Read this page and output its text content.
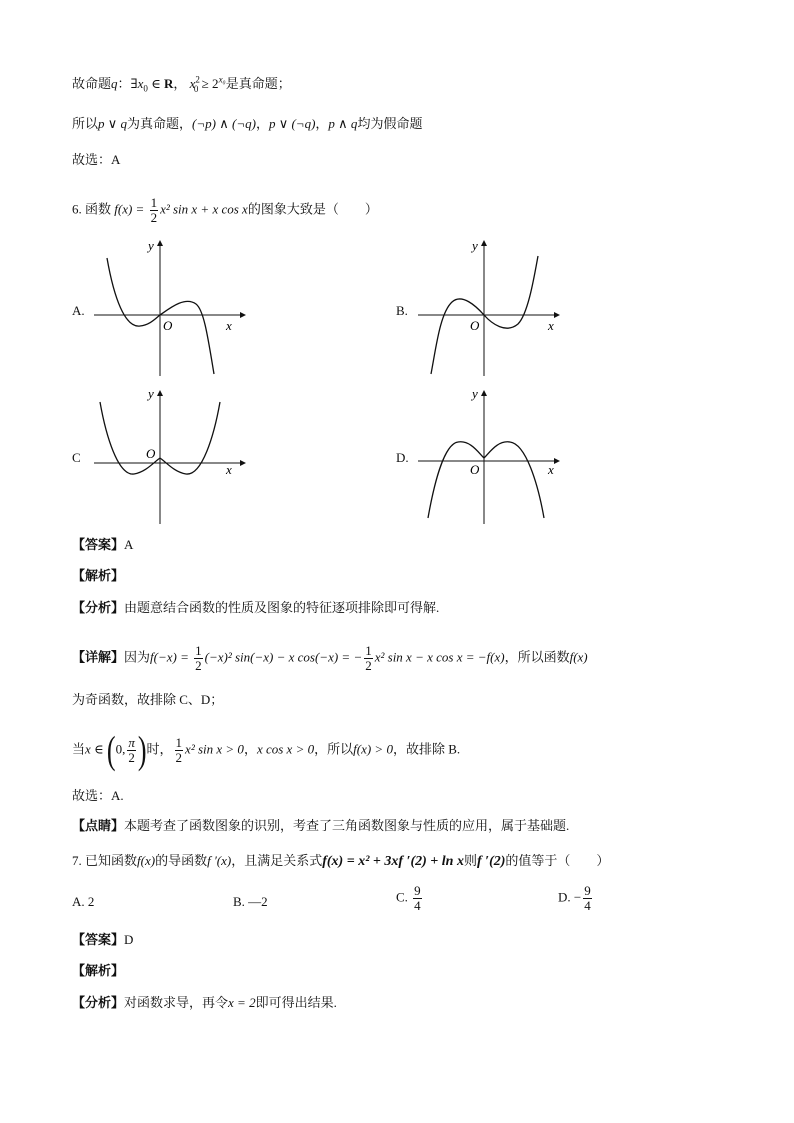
故命题q：$\exists x_0$ ∈ R， $x^2_0 \ge 2^{x_0}$是真命题；
所以p ∨ q为真命题，(¬p) ∧ (¬q)，p ∨ (¬q)，p ∧ q均为假命题
故选：A
6. 函数 $f(x) = \frac{1}{2} x^2$ sin x + x cos x的图象大致是（　　）
A.	B.
C	D.
y
x
O
y
x
O
y
x
O
y
x
O
【答案】A
【解析】
【分析】由题意结合函数的性质及图象的特征逐项排除即可得解.
【详解】因为$f(-x) = \frac{1}{2} (-x)^2$ sin(−x) − x cos(−x) = − $\frac{1}{2} x^2$ sin x − x cos x = −f(x)，所以函数f(x)
为奇函数，故排除 C、D；
当x ∈ (0, $\frac{\pi}{2}$ )时， $\frac{1}{2} x^2$ sin x > 0，x cos x > 0，所以f(x) > 0，故排除 B.
故选：A.
【点睛】本题考查了函数图象的识别，考查了三角函数图象与性质的应用，属于基础题.
7. 已知函数f(x)的导函数f ′(x)，且满足关系式f(x) = x² + 3xf ′(2) + ln x则f ′(2)的值等于（　　）
A. 2	B. —2	C. $\frac{9}{4}$	D. − $\frac{9}{4}$
【答案】D
【解析】
【分析】对函数求导，再令x = 2即可得出结果.
